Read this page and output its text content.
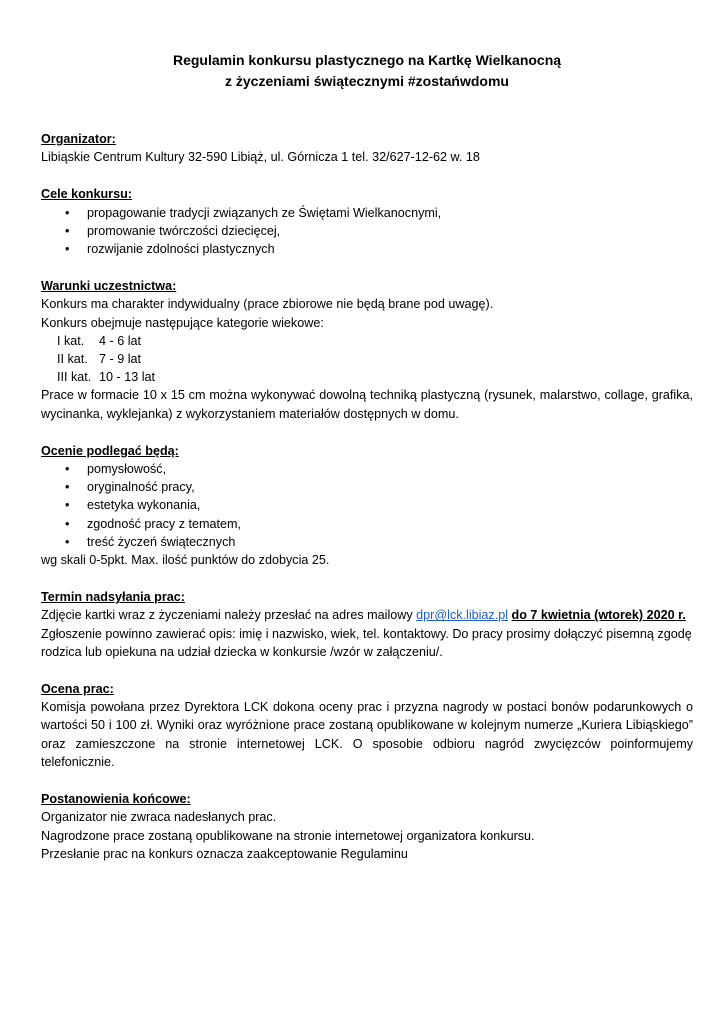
Regulamin konkursu plastycznego na Kartkę Wielkanocną

z życzeniami świątecznymi #zostańwdomu

Organizator:
Libiąskie Centrum Kultury 32-590 Libiąż, ul. Górnicza 1 tel. 32/627-12-62 w. 18
Cele konkursu:
• propagowanie tradycji związanych ze Świętami Wielkanocnymi,
• promowanie twórczości dziecięcej,
• rozwijanie zdolności plastycznych
Warunki uczestnictwa:
Konkurs ma charakter indywidualny (prace zbiorowe nie będą brane pod uwagę).
Konkurs obejmuje następujące kategorie wiekowe:
I kat. 4 - 6 lat
II kat. 7 - 9 lat
III kat. 10 - 13 lat
Prace w formacie 10 x 15 cm można wykonywać dowolną techniką plastyczną (rysunek, malarstwo, collage, grafika, wycinanka, wyklejanka) z wykorzystaniem materiałów dostępnych w domu.
Ocenie podlegać będą:
• pomysłowość,
• oryginalność pracy,
• estetyka wykonania,
• zgodność pracy z tematem,
• treść życzeń świątecznych
wg skali 0-5pkt. Max. ilość punktów do zdobycia 25.
Termin nadsyłania prac:
Zdjęcie kartki wraz z życzeniami należy przesłać na adres mailowy dpr@lck.libiaz.pl do 7 kwietnia (wtorek) 2020 r. Zgłoszenie powinno zawierać opis: imię i nazwisko, wiek, tel. kontaktowy. Do pracy prosimy dołączyć pisemną zgodę rodzica lub opiekuna na udział dziecka w konkursie /wzór w załączeniu/.
Ocena prac:
Komisja powołana przez Dyrektora LCK dokona oceny prac i przyzna nagrody w postaci bonów podarunkowych o wartości 50 i 100 zł. Wyniki oraz wyróżnione prace zostaną opublikowane w kolejnym numerze „Kuriera Libiąskiego” oraz zamieszczone na stronie internetowej LCK. O sposobie odbioru nagród zwycięzców poinformujemy telefonicznie.
Postanowienia końcowe:
Organizator nie zwraca nadesłanych prac.
Nagrodzone prace zostaną opublikowane na stronie internetowej organizatora konkursu.
Przesłanie prac na konkurs oznacza zaakceptowanie Regulaminu
